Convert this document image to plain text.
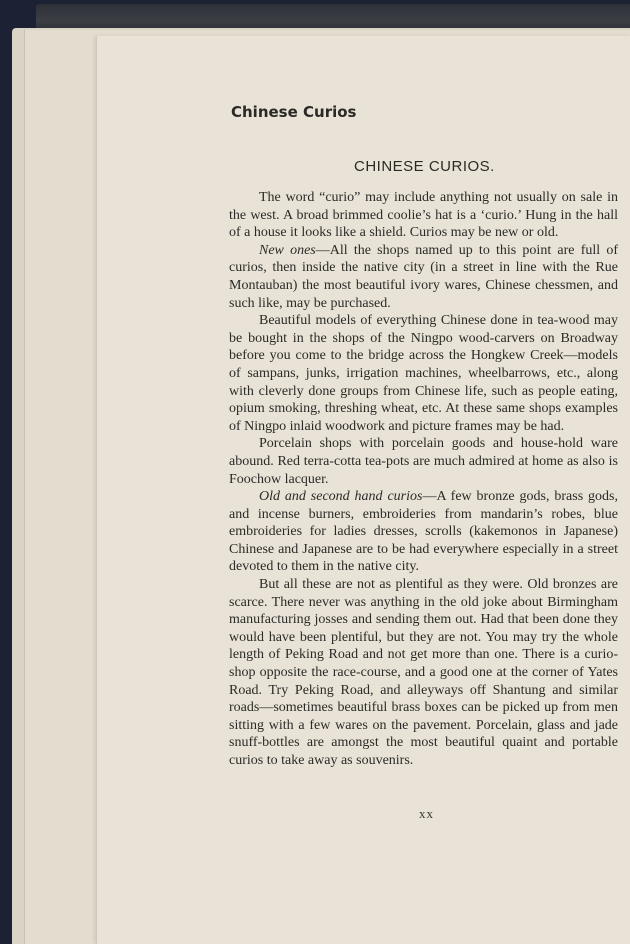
Chinese Curios
CHINESE CURIOS.

The word “curio” may include anything not usually on sale in the west. A broad brimmed coolie’s hat is a ‘curio.’ Hung in the hall of a house it looks like a shield. Curios may be new or old.

New ones—All the shops named up to this point are full of curios, then inside the native city (in a street in line with the Rue Montauban) the most beautiful ivory wares, Chinese chessmen, and such like, may be purchased.

Beautiful models of everything Chinese done in tea-wood may be bought in the shops of the Ningpo wood-carvers on Broadway before you come to the bridge across the Hongkew Creek—models of sampans, junks, irrigation machines, wheelbarrows, etc., along with cleverly done groups from Chinese life, such as people eating, opium smoking, threshing wheat, etc. At these same shops examples of Ningpo inlaid woodwork and picture frames may be had.

Porcelain shops with porcelain goods and house-hold ware abound. Red terra-cotta tea-pots are much admired at home as also is Foochow lacquer.

Old and second hand curios—A few bronze gods, brass gods, and incense burners, embroideries from mandarin’s robes, blue embroideries for ladies dresses, scrolls (kakemonos in Japanese) Chinese and Japanese are to be had everywhere especially in a street devoted to them in the native city.

But all these are not as plentiful as they were. Old bronzes are scarce. There never was anything in the old joke about Birmingham manufacturing josses and sending them out. Had that been done they would have been plentiful, but they are not. You may try the whole length of Peking Road and not get more than one. There is a curio-shop opposite the race-course, and a good one at the corner of Yates Road. Try Peking Road, and alleyways off Shantung and similar roads—sometimes beautiful brass boxes can be picked up from men sitting with a few wares on the pavement. Porcelain, glass and jade snuff-bottles are amongst the most beautiful quaint and portable curios to take away as souvenirs.

xx
